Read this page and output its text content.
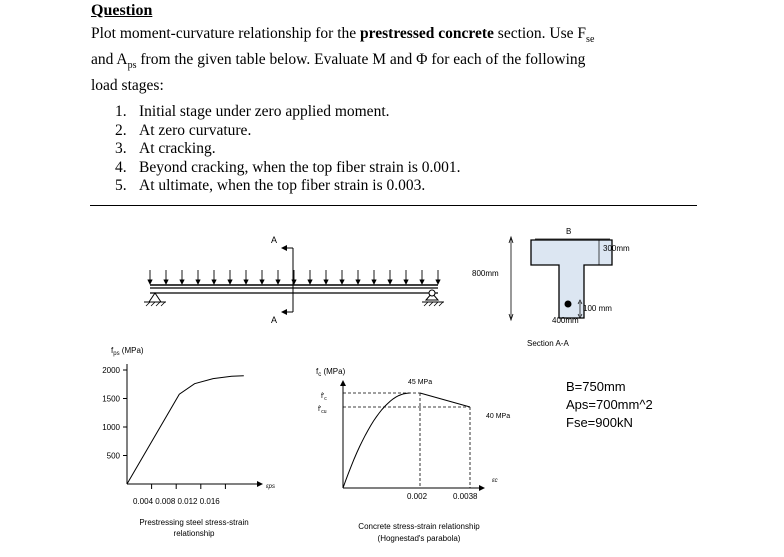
Question
Plot moment-curvature relationship for the prestressed concrete section. Use $F_{se}$
and $A_{ps}$ from the given table below. Evaluate M and Φ for each of the following
load stages:
1. Initial stage under zero applied moment.
2. At zero curvature.
3. At cracking.
4. Beyond cracking, when the top fiber strain is 0.001.
5. At ultimate, when the top fiber strain is 0.003.
A
A
B
300mm
800mm
100 mm
400mm
Section A-A
$f_{ps}$ (MPa)
2000
1500
1000
500
εps
0.004 0.008 0.012 0.016
Prestressing steel stress-strain
relationship
$f_c$ (MPa)
$f'_c$
$f'_{cu}$
45 MPa
40 MPa
εc
0.002	0.0038
Concrete stress-strain relationship
(Hognestad's parabola)
B=750mm
Aps=700mm^2
Fse=900kN
